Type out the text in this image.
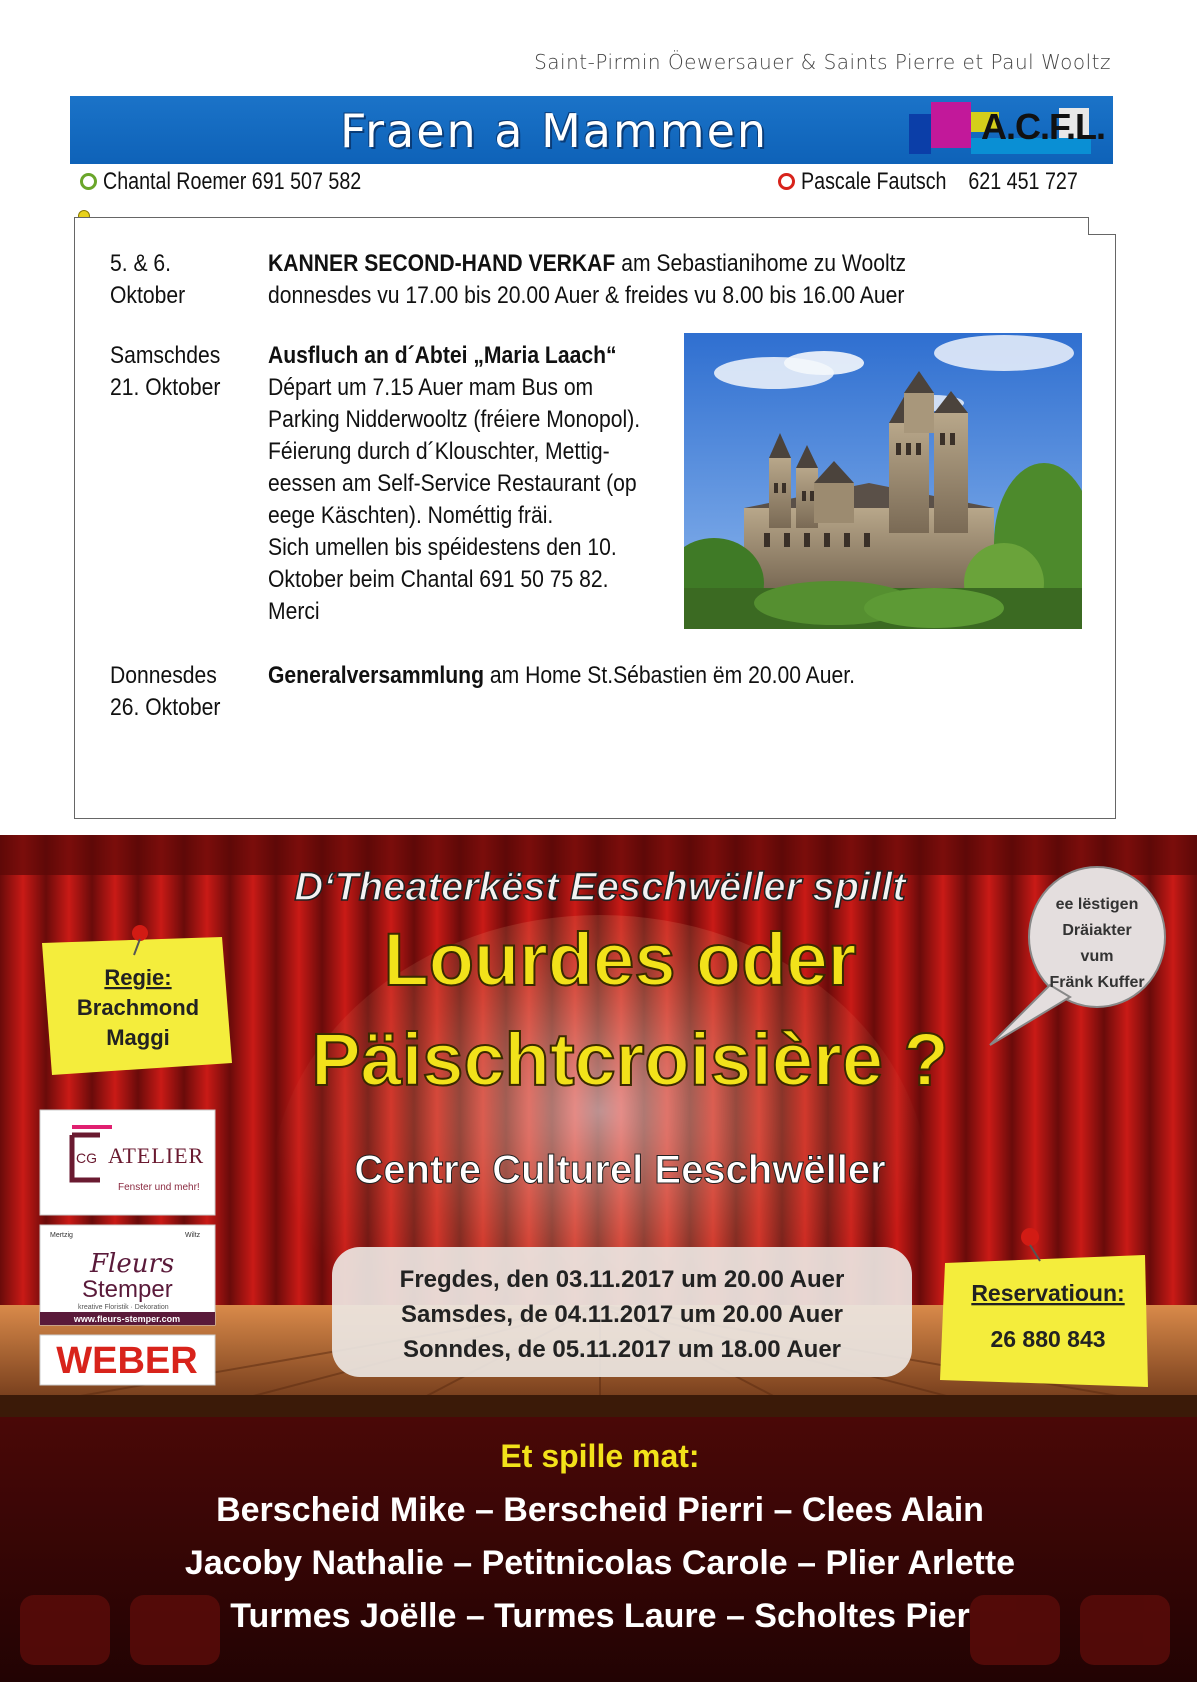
Saint-Pirmin Öewersauer & Saints Pierre et Paul Wooltz
Fraen a Mammen	A.C.F.L.
Chantal Roemer 691 507 582	Pascale Fautsch    621 451 727
5. & 6.
Oktober
KANNER SECOND-HAND VERKAF am Sebastianihome zu Wooltz
donnesdes vu 17.00 bis 20.00 Auer & freides vu 8.00 bis 16.00 Auer
Samschdes
21. Oktober
Ausfluch an d´Abtei „Maria Laach“
Départ um 7.15 Auer mam Bus om
Parking Nidderwooltz (fréiere Monopol).
Féierung durch d´Klouschter, Mettig-
eessen am Self-Service Restaurant (op
eege Käschten). Nométtig fräi.
Sich umellen bis spéidestens den 10.
Oktober beim Chantal 691 50 75 82.
Merci
Donnesdes
26. Oktober
Generalversammlung am Home St.Sébastien ëm 20.00 Auer.
D‘Theaterkëst Eeschwëller spillt
Lourdes oder
Päischtcroisière ?
Centre Culturel Eeschwëller
Regie:
Brachmond
Maggi
ee lëstigen
Dräiakter
vum
Fränk Kuffer
CG ATELIER
Fenster und mehr!
Mertzig	Wiltz
Fleurs
Stemper
kreative Floristik · Dekoration
www.fleurs-stemper.com
WEBER
Fregdes, den 03.11.2017 um 20.00 Auer
Samsdes, de 04.11.2017 um 20.00 Auer
Sonndes, de 05.11.2017 um 18.00 Auer
Reservatioun:
26 880 843
Et spille mat:
Berscheid Mike – Berscheid Pierri – Clees Alain
Jacoby Nathalie – Petitnicolas Carole – Plier Arlette
Turmes Joëlle – Turmes Laure – Scholtes Pier
